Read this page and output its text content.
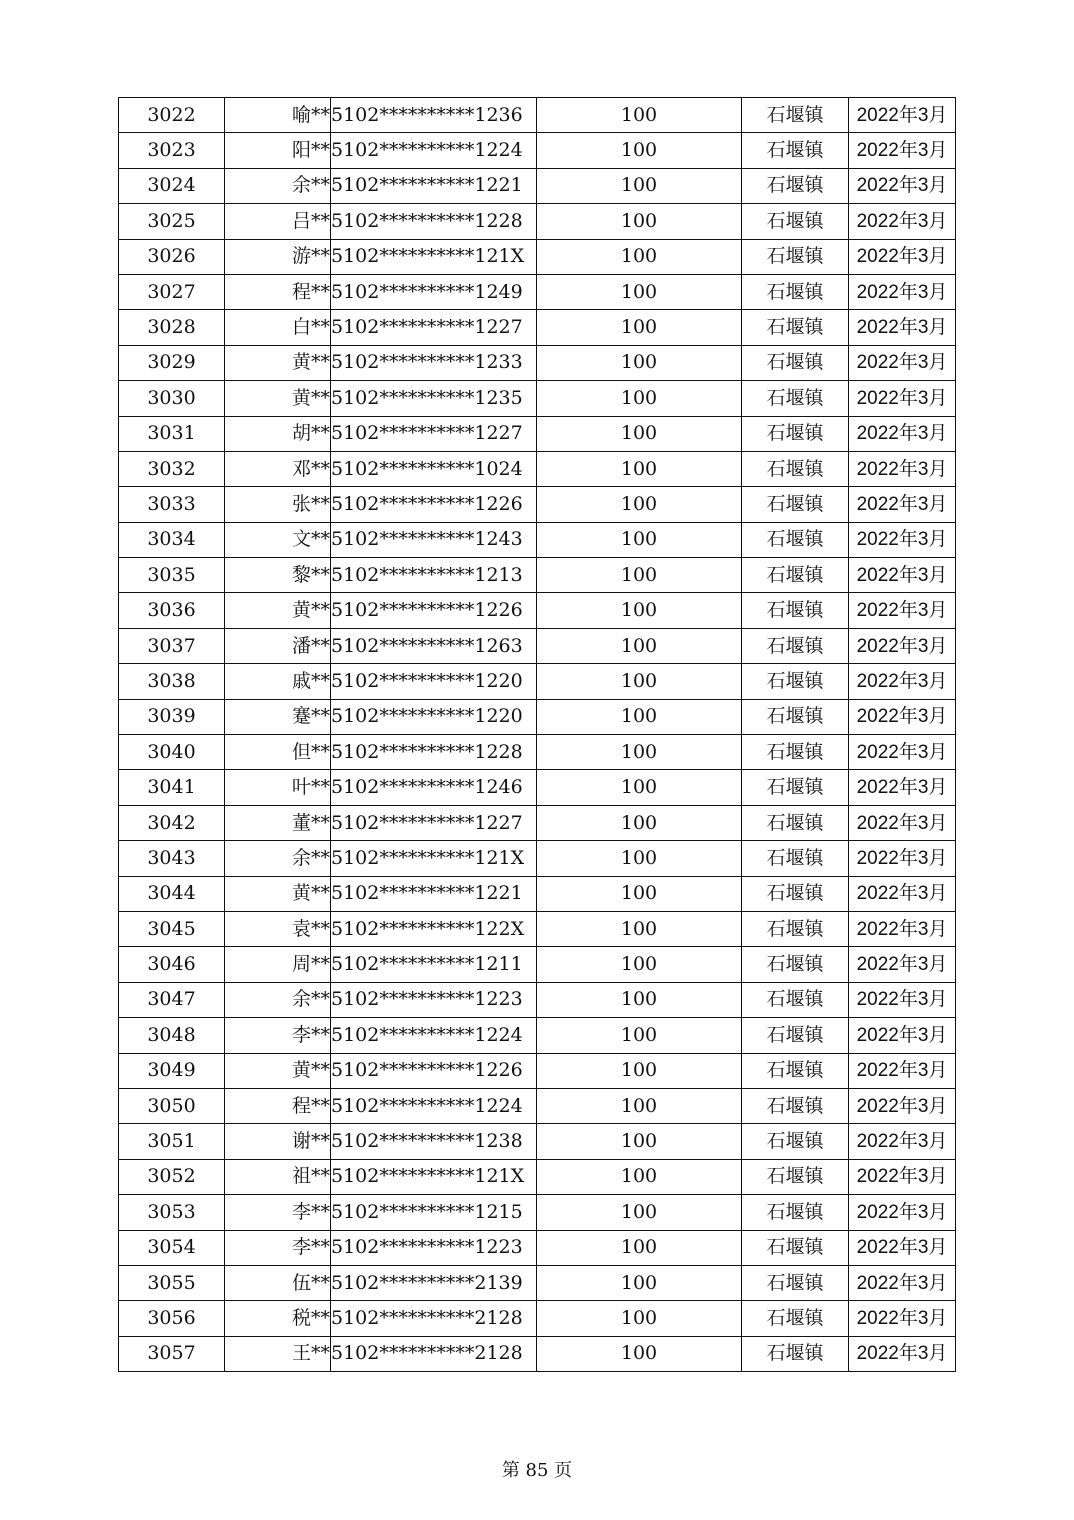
3022	喻**	5102**********1236	100	石堰镇	2022年3月
3023	阳**	5102**********1224	100	石堰镇	2022年3月
3024	余**	5102**********1221	100	石堰镇	2022年3月
3025	吕**	5102**********1228	100	石堰镇	2022年3月
3026	游**	5102**********121X	100	石堰镇	2022年3月
3027	程**	5102**********1249	100	石堰镇	2022年3月
3028	白**	5102**********1227	100	石堰镇	2022年3月
3029	黄**	5102**********1233	100	石堰镇	2022年3月
3030	黄**	5102**********1235	100	石堰镇	2022年3月
3031	胡**	5102**********1227	100	石堰镇	2022年3月
3032	邓**	5102**********1024	100	石堰镇	2022年3月
3033	张**	5102**********1226	100	石堰镇	2022年3月
3034	文**	5102**********1243	100	石堰镇	2022年3月
3035	黎**	5102**********1213	100	石堰镇	2022年3月
3036	黄**	5102**********1226	100	石堰镇	2022年3月
3037	潘**	5102**********1263	100	石堰镇	2022年3月
3038	戚**	5102**********1220	100	石堰镇	2022年3月
3039	蹇**	5102**********1220	100	石堰镇	2022年3月
3040	但**	5102**********1228	100	石堰镇	2022年3月
3041	叶**	5102**********1246	100	石堰镇	2022年3月
3042	董**	5102**********1227	100	石堰镇	2022年3月
3043	余**	5102**********121X	100	石堰镇	2022年3月
3044	黄**	5102**********1221	100	石堰镇	2022年3月
3045	袁**	5102**********122X	100	石堰镇	2022年3月
3046	周**	5102**********1211	100	石堰镇	2022年3月
3047	余**	5102**********1223	100	石堰镇	2022年3月
3048	李**	5102**********1224	100	石堰镇	2022年3月
3049	黄**	5102**********1226	100	石堰镇	2022年3月
3050	程**	5102**********1224	100	石堰镇	2022年3月
3051	谢**	5102**********1238	100	石堰镇	2022年3月
3052	祖**	5102**********121X	100	石堰镇	2022年3月
3053	李**	5102**********1215	100	石堰镇	2022年3月
3054	李**	5102**********1223	100	石堰镇	2022年3月
3055	伍**	5102**********2139	100	石堰镇	2022年3月
3056	税**	5102**********2128	100	石堰镇	2022年3月
3057	王**	5102**********2128	100	石堰镇	2022年3月
第 85 页
